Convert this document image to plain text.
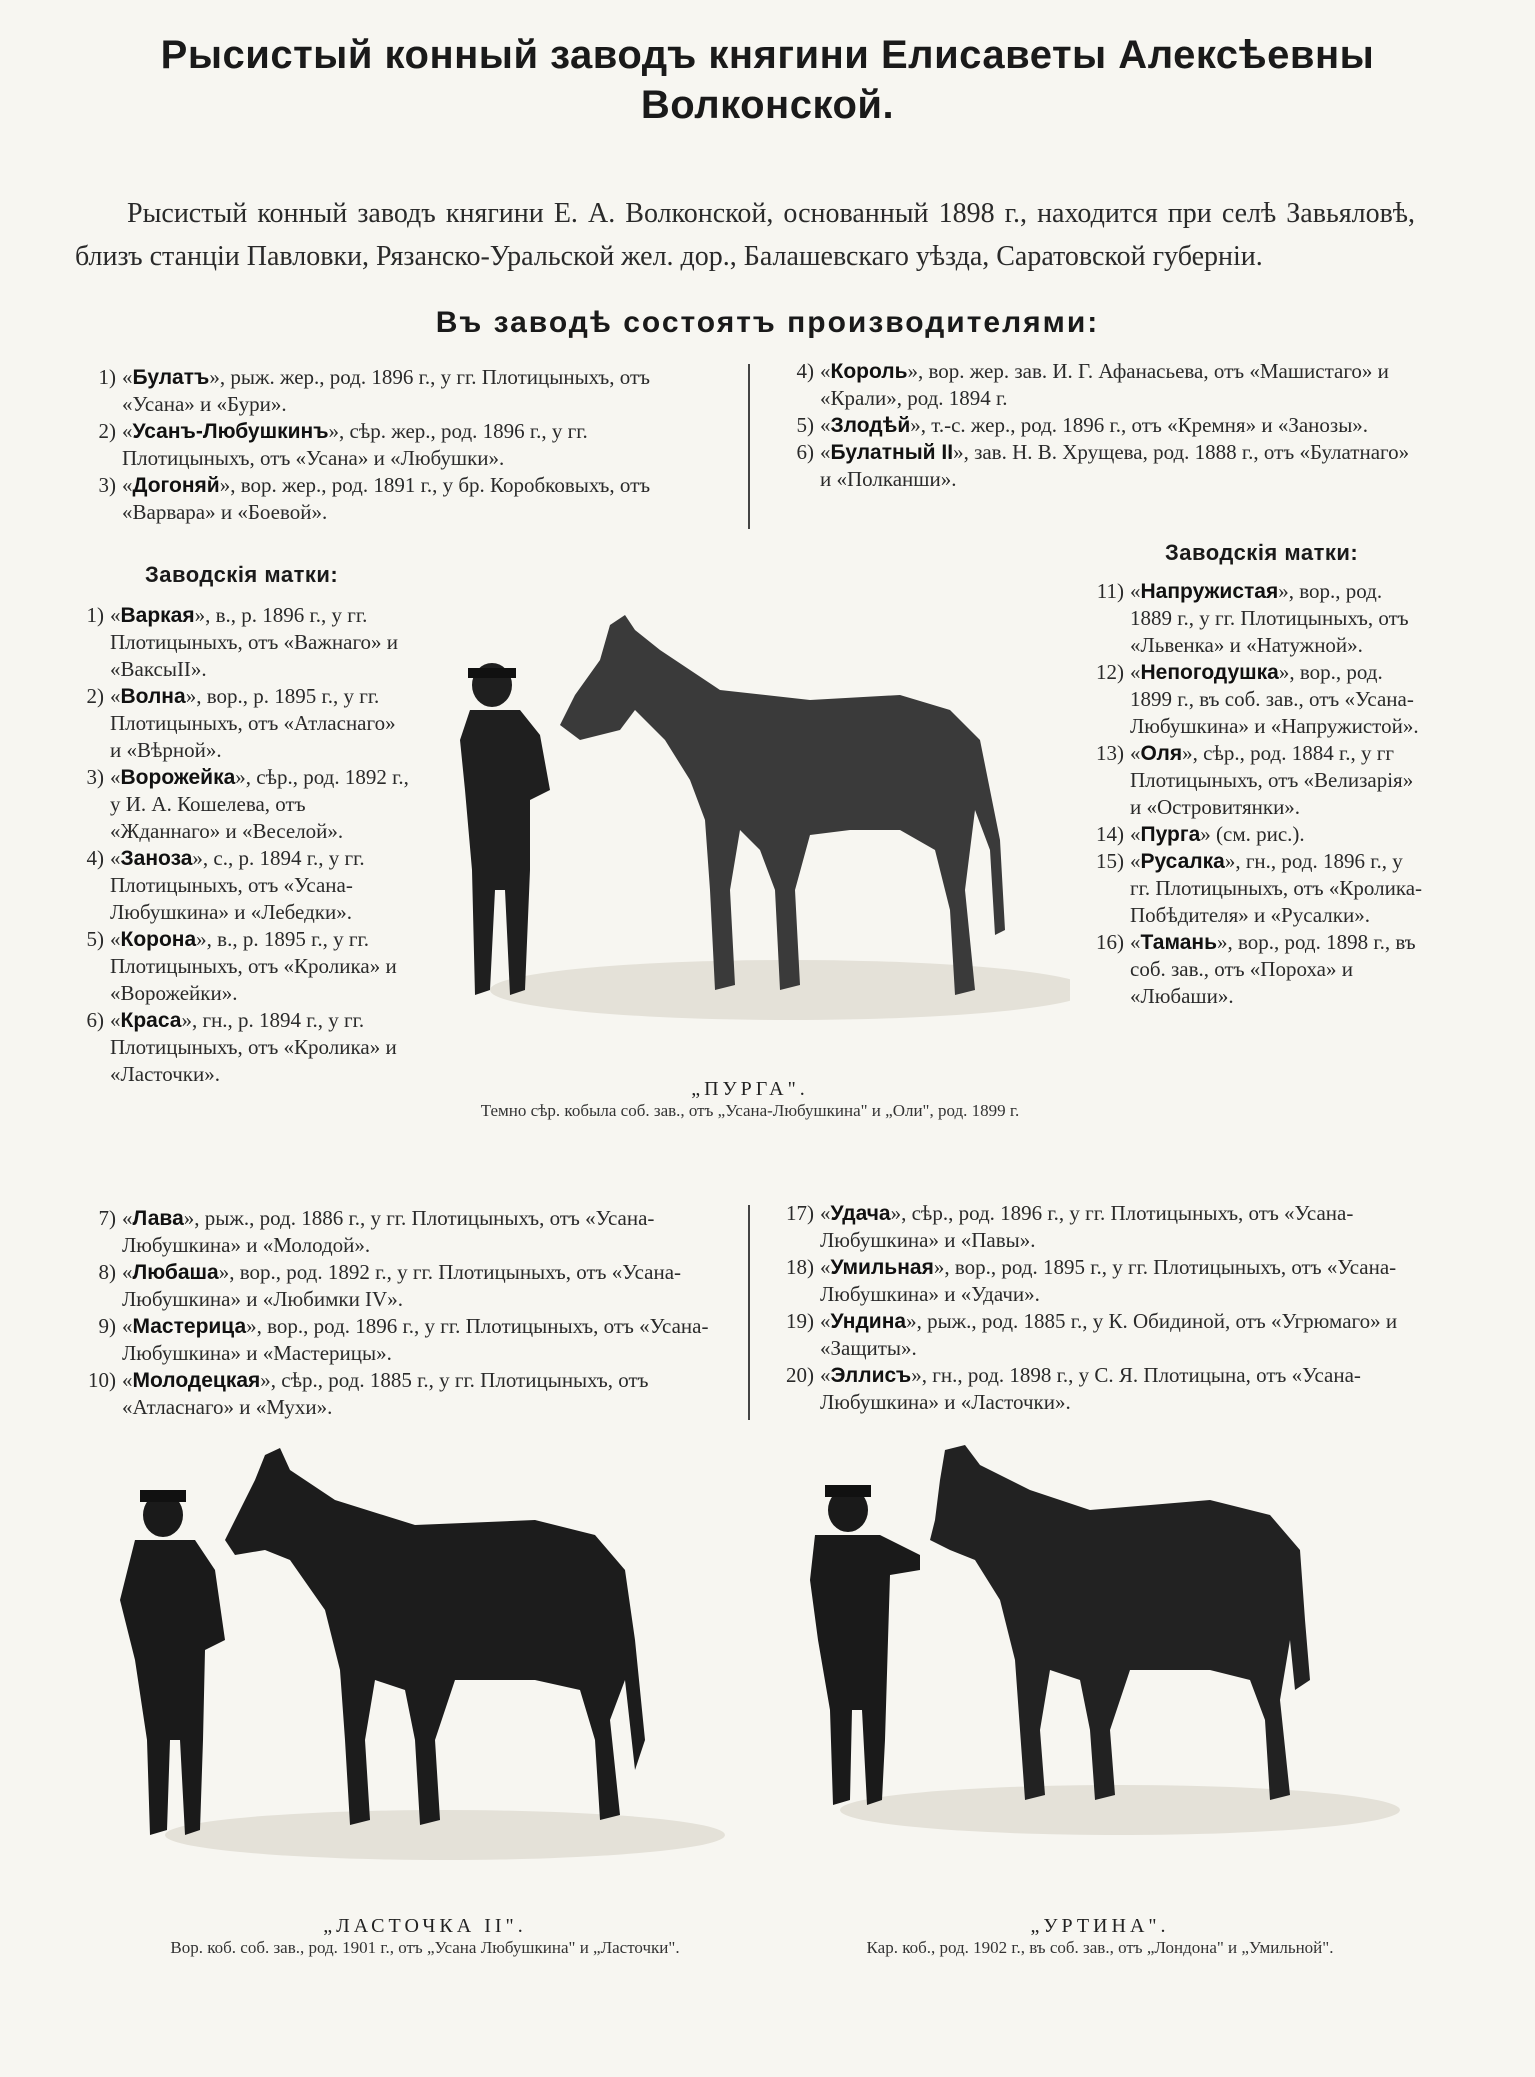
Рысистый конный заводъ княгини Елисаветы Алексѣевны Волконской.

Рысистый конный заводъ княгини Е. А. Волконской, основанный 1898 г., находится при селѣ Завьяловѣ, близъ станціи Павловки, Рязанско-Уральской жел. дор., Балашевскаго уѣзда, Саратовской губерніи.

Въ заводѣ состоятъ производителями:

1) «Булатъ», рыж. жер., род. 1896 г., у гг. Плотицыныхъ, отъ «Усана» и «Бури».

2) «Усанъ-Любушкинъ», сѣр. жер., род. 1896 г., у гг. Плотицыныхъ, отъ «Усана» и «Любушки».

3) «Догоняй», вор. жер., род. 1891 г., у бр. Коробковыхъ, отъ «Варвара» и «Боевой».

4) «Король», вор. жер. зав. И. Г. Афанасьева, отъ «Машистаго» и «Крали», род. 1894 г.

5) «Злодѣй», т.-с. жер., род. 1896 г., отъ «Кремня» и «Занозы».

6) «Булатный II», зав. Н. В. Хрущева, род. 1888 г., отъ «Булатнаго» и «Полканши».

Заводскія матки:
Заводскія матки:

1) «Варкая», в., р. 1896 г., у гг. Плотицыныхъ, отъ «Важнаго» и «ВаксыII».

2) «Волна», вор., р. 1895 г., у гг. Плотицыныхъ, отъ «Атласнаго» и «Вѣрной».

3) «Ворожейка», сѣр., род. 1892 г., у И. А. Кошелева, отъ «Жданнаго» и «Веселой».

4) «Заноза», с., р. 1894 г., у гг. Плотицыныхъ, отъ «Усана-Любушкина» и «Лебедки».

5) «Корона», в., р. 1895 г., у гг. Плотицыныхъ, отъ «Кролика» и «Ворожейки».

6) «Краса», гн., р. 1894 г., у гг. Плотицыныхъ, отъ «Кролика» и «Ласточки».

11) «Напружистая», вор., род. 1889 г., у гг. Плотицыныхъ, отъ «Львенка» и «Натужной».

12) «Непогодушка», вор., род. 1899 г., въ соб. зав., отъ «Усана-Любушкина» и «Напружистой».

13) «Оля», сѣр., род. 1884 г., у гг Плотицыныхъ, отъ «Велизарія» и «Островитянки».

14) «Пурга» (см. рис.).

15) «Русалка», гн., род. 1896 г., у гг. Плотицыныхъ, отъ «Кролика-Побѣдителя» и «Русалки».

16) «Тамань», вор., род. 1898 г., въ соб. зав., отъ «Пороха» и «Любаши».

„ПУРГА".
Темно сѣр. кобыла соб. зав., отъ „Усана-Любушкина" и „Оли", род. 1899 г.

7) «Лава», рыж., род. 1886 г., у гг. Плотицыныхъ, отъ «Усана-Любушкина» и «Молодой».

8) «Любаша», вор., род. 1892 г., у гг. Плотицыныхъ, отъ «Усана-Любушкина» и «Любимки IV».

9) «Мастерица», вор., род. 1896 г., у гг. Плотицыныхъ, отъ «Усана-Любушкина» и «Мастерицы».

10) «Молодецкая», сѣр., род. 1885 г., у гг. Плотицыныхъ, отъ «Атласнаго» и «Мухи».

17) «Удача», сѣр., род. 1896 г., у гг. Плотицыныхъ, отъ «Усана-Любушкина» и «Павы».

18) «Умильная», вор., род. 1895 г., у гг. Плотицыныхъ, отъ «Усана-Любушкина» и «Удачи».

19) «Ундина», рыж., род. 1885 г., у К. Обидиной, отъ «Угрюмаго» и «Защиты».

20) «Эллисъ», гн., род. 1898 г., у С. Я. Плотицына, отъ «Усана-Любушкина» и «Ласточки».

„ЛАСТОЧКА II".
Вор. коб. соб. зав., род. 1901 г., отъ „Усана Любушкина" и „Ласточки".
„УРТИНА".
Кар. коб., род. 1902 г., въ соб. зав., отъ „Лондона" и „Умильной".
